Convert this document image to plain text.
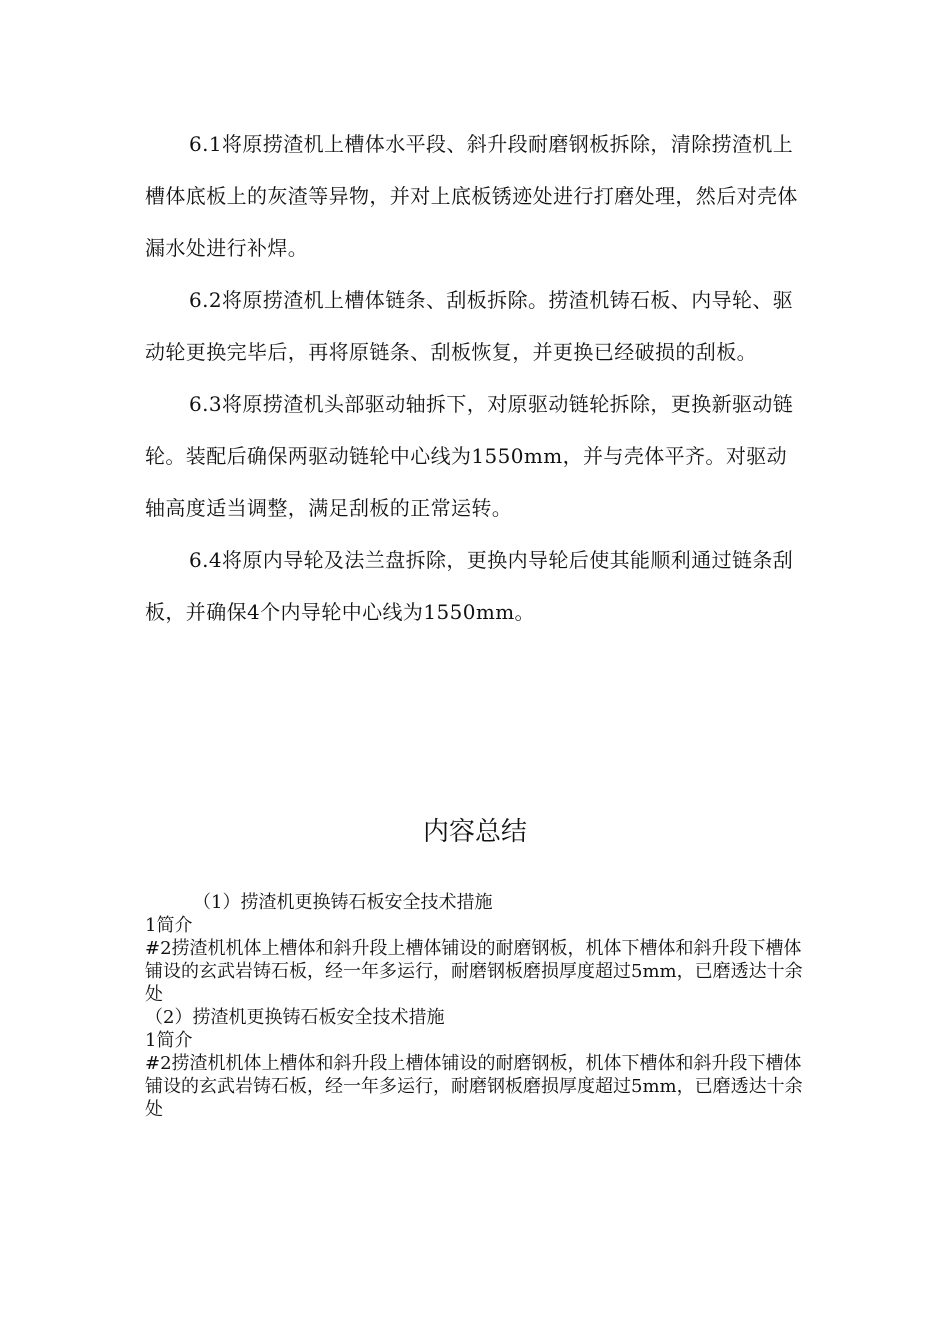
6.1将原捞渣机上槽体水平段、斜升段耐磨钢板拆除，清除捞渣机上槽体底板上的灰渣等异物，并对上底板锈迹处进行打磨处理，然后对壳体漏水处进行补焊。

6.2将原捞渣机上槽体链条、刮板拆除。捞渣机铸石板、内导轮、驱动轮更换完毕后，再将原链条、刮板恢复，并更换已经破损的刮板。

6.3将原捞渣机头部驱动轴拆下，对原驱动链轮拆除，更换新驱动链轮。装配后确保两驱动链轮中心线为1550mm，并与壳体平齐。对驱动轴高度适当调整，满足刮板的正常运转。

6.4将原内导轮及法兰盘拆除，更换内导轮后使其能顺利通过链条刮板，并确保4个内导轮中心线为1550mm。

内容总结

（1）捞渣机更换铸石板安全技术措施

1简介

#2捞渣机机体上槽体和斜升段上槽体铺设的耐磨钢板，机体下槽体和斜升段下槽体铺设的玄武岩铸石板，经一年多运行，耐磨钢板磨损厚度超过5mm，已磨透达十余处

（2）捞渣机更换铸石板安全技术措施

1简介

#2捞渣机机体上槽体和斜升段上槽体铺设的耐磨钢板，机体下槽体和斜升段下槽体铺设的玄武岩铸石板，经一年多运行，耐磨钢板磨损厚度超过5mm，已磨透达十余处
